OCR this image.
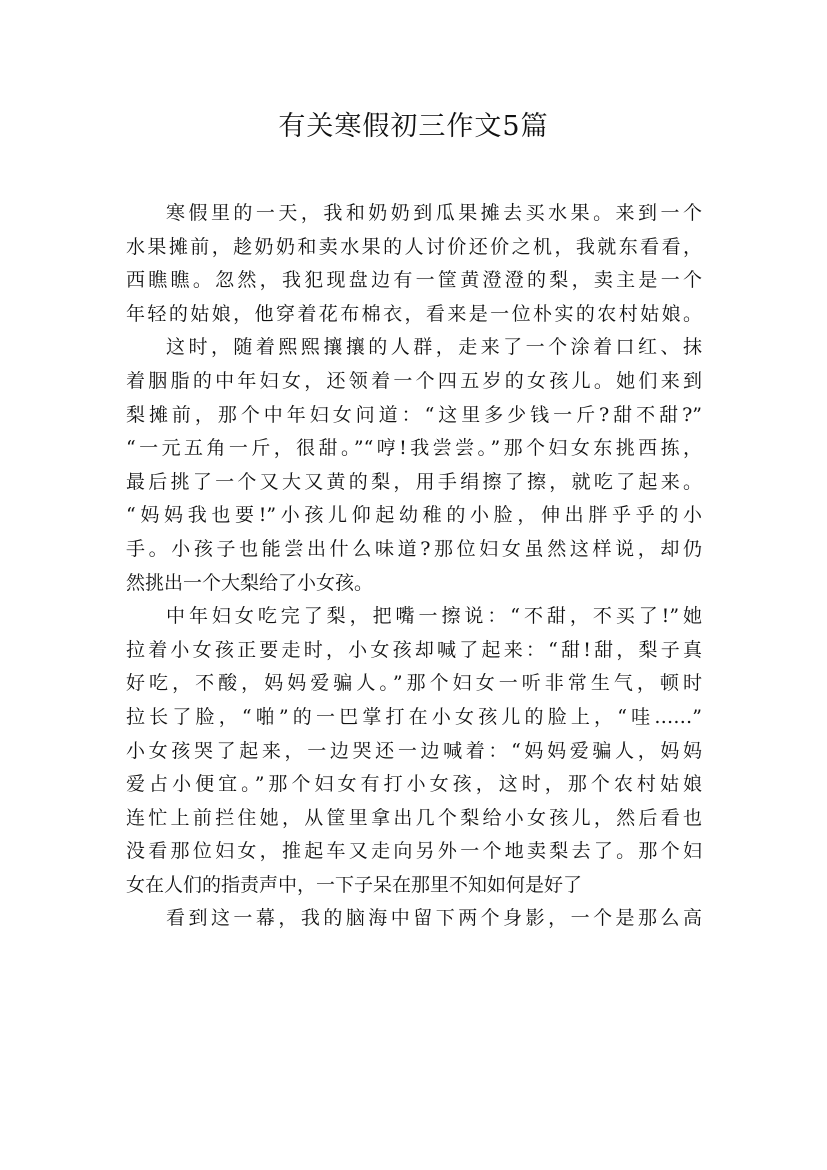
有关寒假初三作文5篇
寒假里的一天，我和奶奶到瓜果摊去买水果。来到一个
水果摊前，趁奶奶和卖水果的人讨价还价之机，我就东看看，
西瞧瞧。忽然，我犯现盘边有一筐黄澄澄的梨，卖主是一个
年轻的姑娘，他穿着花布棉衣，看来是一位朴实的农村姑娘。
这时，随着熙熙攘攘的人群，走来了一个涂着口红、抹
着胭脂的中年妇女，还领着一个四五岁的女孩儿。她们来到
梨摊前，那个中年妇女问道：“这里多少钱一斤?甜不甜?”
“一元五角一斤，很甜。”“哼!我尝尝。”那个妇女东挑西拣，
最后挑了一个又大又黄的梨，用手绢擦了擦，就吃了起来。
“妈妈我也要!”小孩儿仰起幼稚的小脸，伸出胖乎乎的小
手。小孩子也能尝出什么味道?那位妇女虽然这样说，却仍
然挑出一个大梨给了小女孩。
中年妇女吃完了梨，把嘴一擦说：“不甜，不买了!”她
拉着小女孩正要走时，小女孩却喊了起来：“甜!甜，梨子真
好吃，不酸，妈妈爱骗人。”那个妇女一听非常生气，顿时
拉长了脸，“啪”的一巴掌打在小女孩儿的脸上，“哇……”
小女孩哭了起来，一边哭还一边喊着：“妈妈爱骗人，妈妈
爱占小便宜。”那个妇女有打小女孩，这时，那个农村姑娘
连忙上前拦住她，从筐里拿出几个梨给小女孩儿，然后看也
没看那位妇女，推起车又走向另外一个地卖梨去了。那个妇
女在人们的指责声中，一下子呆在那里不知如何是好了
看到这一幕，我的脑海中留下两个身影，一个是那么高
